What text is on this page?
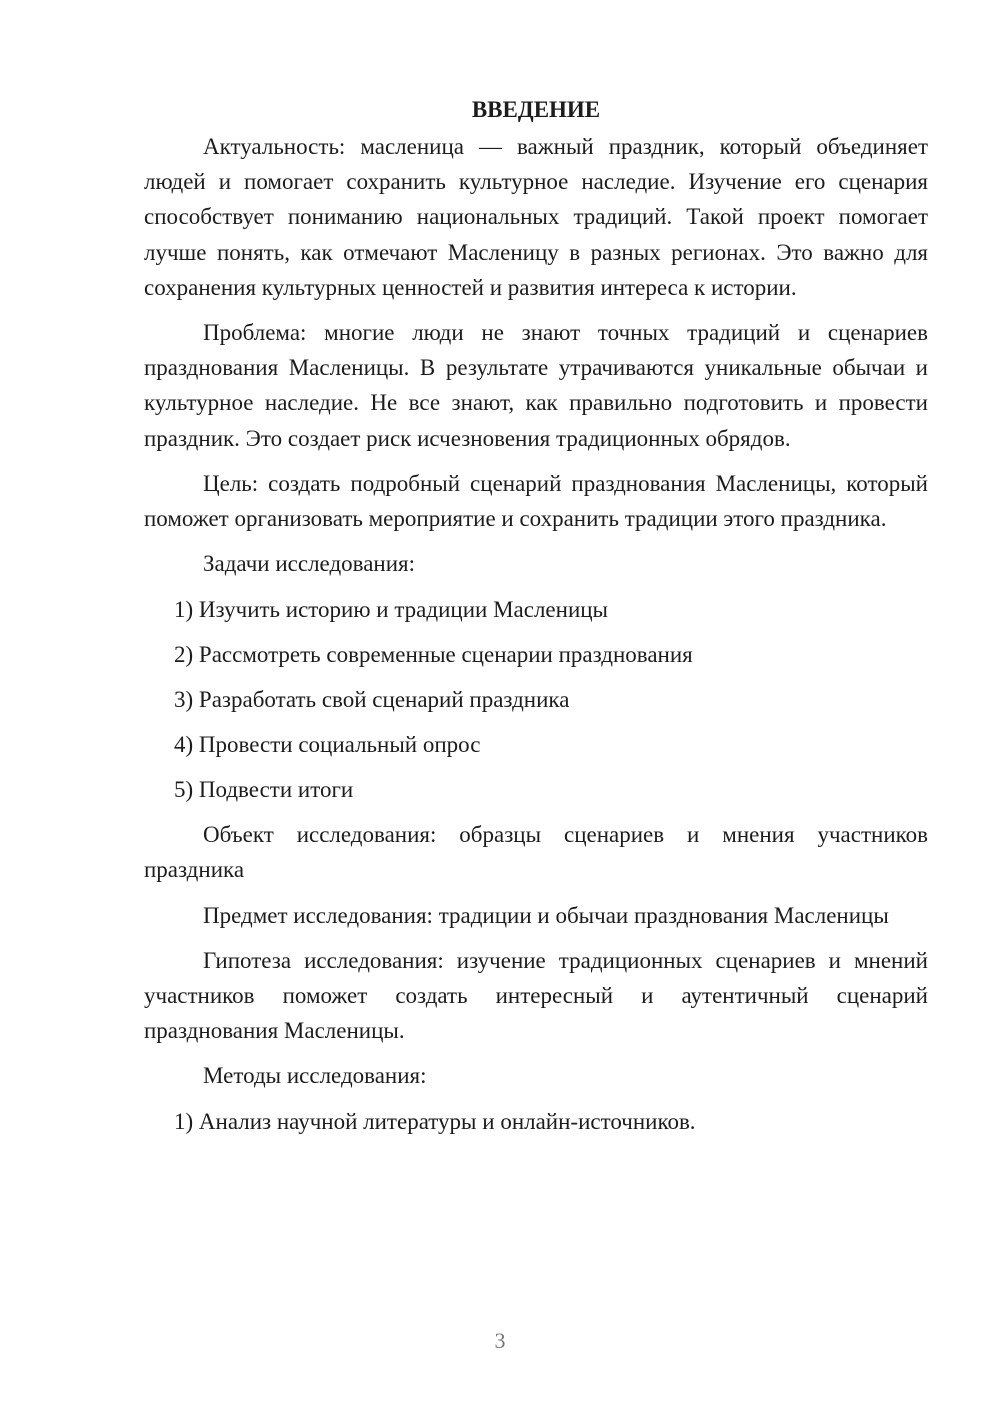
ВВЕДЕНИЕ

Актуальность: масленица — важный праздник, который объединяет людей и помогает сохранить культурное наследие. Изучение его сценария способствует пониманию национальных традиций. Такой проект помогает лучше понять, как отмечают Масленицу в разных регионах. Это важно для сохранения культурных ценностей и развития интереса к истории.

Проблема: многие люди не знают точных традиций и сценариев празднования Масленицы. В результате утрачиваются уникальные обычаи и культурное наследие. Не все знают, как правильно подготовить и провести праздник. Это создает риск исчезновения традиционных обрядов.

Цель: создать подробный сценарий празднования Масленицы, который поможет организовать мероприятие и сохранить традиции этого праздника.

Задачи исследования:

1) Изучить историю и традиции Масленицы
2) Рассмотреть современные сценарии празднования
3) Разработать свой сценарий праздника
4) Провести социальный опрос
5) Подвести итоги

Объект исследования: образцы сценариев и мнения участников праздника

Предмет исследования: традиции и обычаи празднования Масленицы

Гипотеза исследования: изучение традиционных сценариев и мнений участников поможет создать интересный и аутентичный сценарий празднования Масленицы.

Методы исследования:

1) Анализ научной литературы и онлайн-источников.
3
